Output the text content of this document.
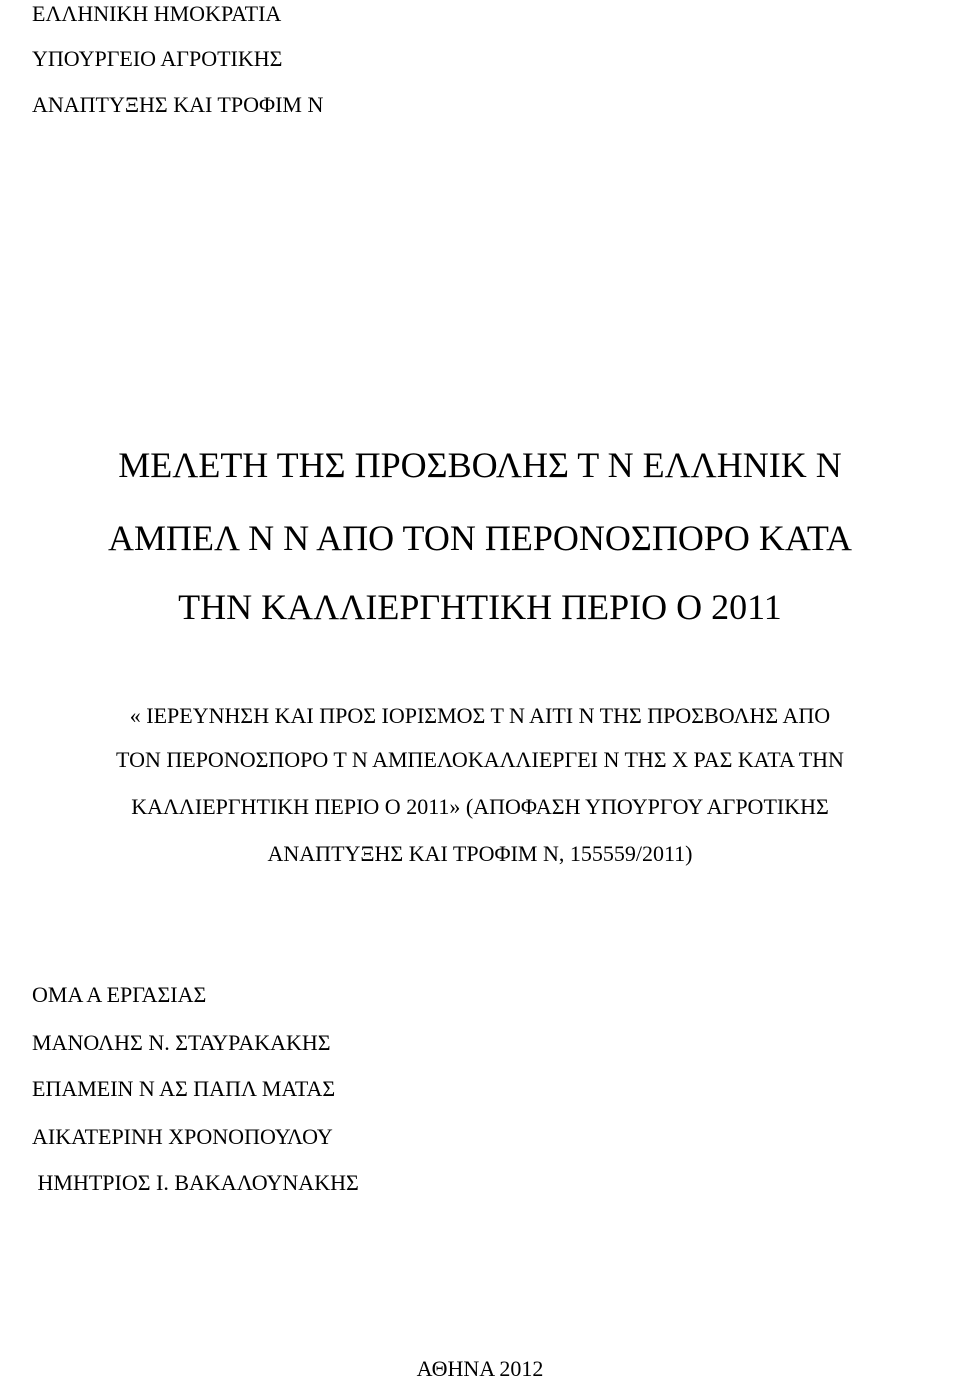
ΕΛΛΗΝΙΚΗ ΗΜΟΚΡΑΤΙΑ
ΥΠΟΥΡΓΕΙΟ ΑΓΡΟΤΙΚΗΣ
ΑΝΑΠΤΥΞΗΣ ΚΑΙ ΤΡΟΦΙΜ Ν
ΜΕΛΕΤΗ ΤΗΣ ΠΡΟΣΒΟΛΗΣ Τ Ν ΕΛΛΗΝΙΚ Ν
ΑΜΠΕΛ Ν Ν ΑΠΟ ΤΟΝ ΠΕΡΟΝΟΣΠΟΡΟ ΚΑΤΑ
ΤΗΝ ΚΑΛΛΙΕΡΓΗΤΙΚΗ ΠΕΡΙΟ Ο 2011
« ΙΕΡΕΥΝΗΣΗ ΚΑΙ ΠΡΟΣ ΙΟΡΙΣΜΟΣ Τ Ν ΑΙΤΙ Ν ΤΗΣ ΠΡΟΣΒΟΛΗΣ ΑΠΟ
ΤΟΝ ΠΕΡΟΝΟΣΠΟΡΟ Τ Ν ΑΜΠΕΛΟΚΑΛΛΙΕΡΓΕΙ Ν ΤΗΣ Χ ΡΑΣ ΚΑΤΑ ΤΗΝ
ΚΑΛΛΙΕΡΓΗΤΙΚΗ ΠΕΡΙΟ Ο 2011» (ΑΠΟΦΑΣΗ ΥΠΟΥΡΓΟΥ ΑΓΡΟΤΙΚΗΣ
ΑΝΑΠΤΥΞΗΣ ΚΑΙ ΤΡΟΦΙΜ Ν, 155559/2011)
ΟΜΑ Α ΕΡΓΑΣΙΑΣ
ΜΑΝΟΛΗΣ Ν. ΣΤΑΥΡΑΚΑΚΗΣ
ΕΠΑΜΕΙΝ Ν ΑΣ ΠΑΠΛ ΜΑΤΑΣ
ΑΙΚΑΤΕΡΙΝΗ ΧΡΟΝΟΠΟΥΛΟΥ
ΗΜΗΤΡΙΟΣ Ι. ΒΑΚΑΛΟΥΝΑΚΗΣ
ΑΘΗΝΑ 2012
